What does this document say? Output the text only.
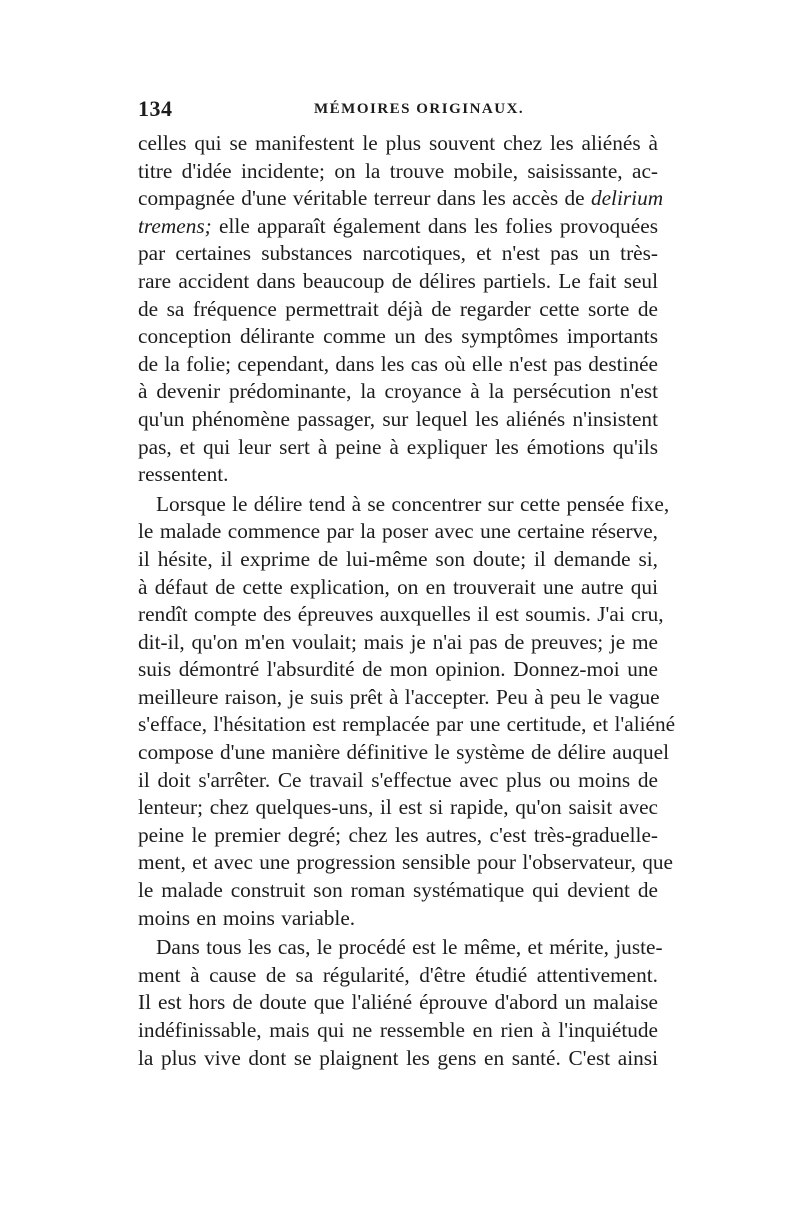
134	MÉMOIRES ORIGINAUX.
celles qui se manifestent le plus souvent chez les aliénés à
titre d'idée incidente; on la trouve mobile, saisissante, ac-
compagnée d'une véritable terreur dans les accès de delirium
tremens; elle apparaît également dans les folies provoquées
par certaines substances narcotiques, et n'est pas un très-
rare accident dans beaucoup de délires partiels. Le fait seul
de sa fréquence permettrait déjà de regarder cette sorte de
conception délirante comme un des symptômes importants
de la folie; cependant, dans les cas où elle n'est pas destinée
à devenir prédominante, la croyance à la persécution n'est
qu'un phénomène passager, sur lequel les aliénés n'insistent
pas, et qui leur sert à peine à expliquer les émotions qu'ils
ressentent.
Lorsque le délire tend à se concentrer sur cette pensée fixe,
le malade commence par la poser avec une certaine réserve,
il hésite, il exprime de lui-même son doute; il demande si,
à défaut de cette explication, on en trouverait une autre qui
rendît compte des épreuves auxquelles il est soumis. J'ai cru,
dit-il, qu'on m'en voulait; mais je n'ai pas de preuves; je me
suis démontré l'absurdité de mon opinion. Donnez-moi une
meilleure raison, je suis prêt à l'accepter. Peu à peu le vague
s'efface, l'hésitation est remplacée par une certitude, et l'aliéné
compose d'une manière définitive le système de délire auquel
il doit s'arrêter. Ce travail s'effectue avec plus ou moins de
lenteur; chez quelques-uns, il est si rapide, qu'on saisit avec
peine le premier degré; chez les autres, c'est très-graduelle-
ment, et avec une progression sensible pour l'observateur, que
le malade construit son roman systématique qui devient de
moins en moins variable.
Dans tous les cas, le procédé est le même, et mérite, juste-
ment à cause de sa régularité, d'être étudié attentivement.
Il est hors de doute que l'aliéné éprouve d'abord un malaise
indéfinissable, mais qui ne ressemble en rien à l'inquiétude
la plus vive dont se plaignent les gens en santé. C'est ainsi
